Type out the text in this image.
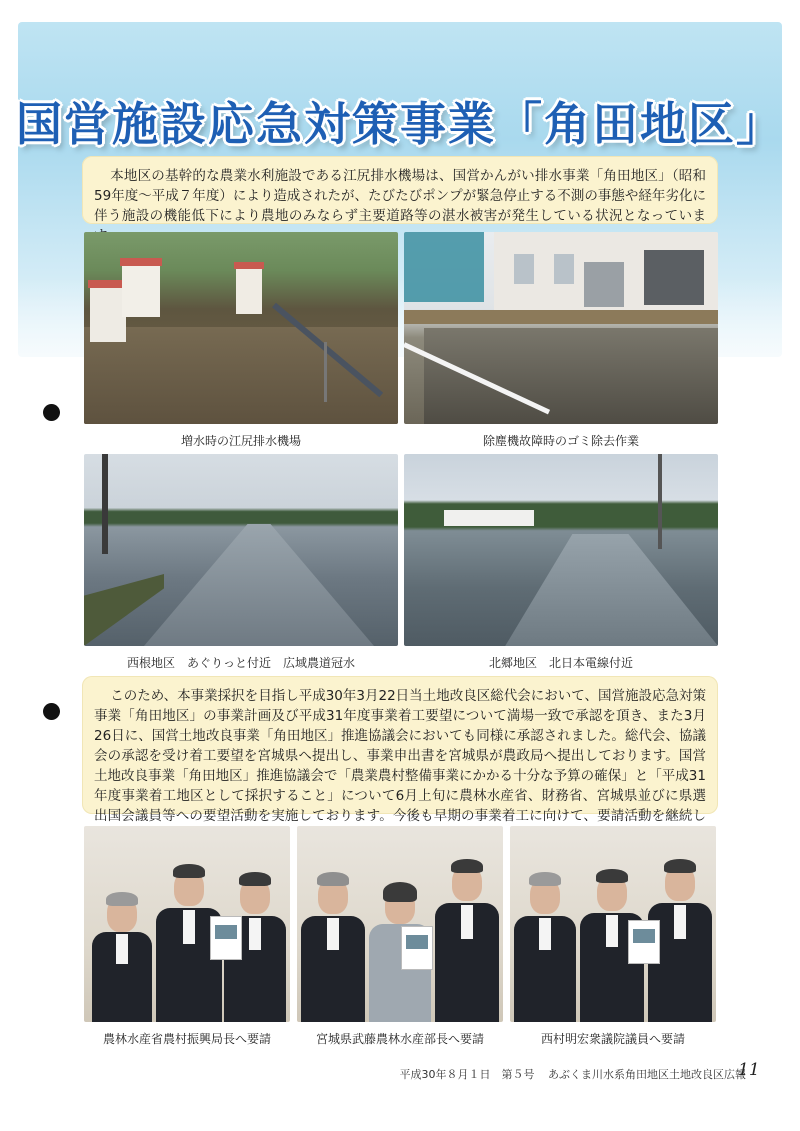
国営施設応急対策事業「角田地区」
本地区の基幹的な農業水利施設である江尻排水機場は、国営かんがい排水事業「角田地区」（昭和59年度〜平成７年度）により造成されたが、たびたびポンプが緊急停止する不測の事態や経年劣化に伴う施設の機能低下により農地のみならず主要道路等の湛水被害が発生している状況となっていま
増水時の江尻排水機場	除塵機故障時のゴミ除去作業
西根地区　あぐりっと付近　広域農道冠水	北郷地区　北日本電線付近
このため、本事業採択を目指し平成30年3月22日当土地改良区総代会において、国営施設応急対策事業「角田地区」の事業計画及び平成31年度事業着工要望について満場一致で承認を頂き、また3月26日に、国営土地改良事業「角田地区」推進協議会においても同様に承認されました。総代会、協議会の承認を受け着工要望を宮城県へ提出し、事業申出書を宮城県が農政局へ提出しております。国営土地改良事業「角田地区」推進協議会で「農業農村整備事業にかかる十分な予算の確保」と「平成31年度事業着工地区として採択すること」について6月上旬に農林水産省、財務省、宮城県並びに県選出国会議員等への要望活動を実施しております。今後も早期の事業着工に向けて、要請活動を継続し
農林水産省農村振興局長へ要請	宮城県武藤農林水産部長へ要請	西村明宏衆議院議員へ要請
平成30年８月１日　第５号 あぶくま川水系角田地区土地改良区広報
11
